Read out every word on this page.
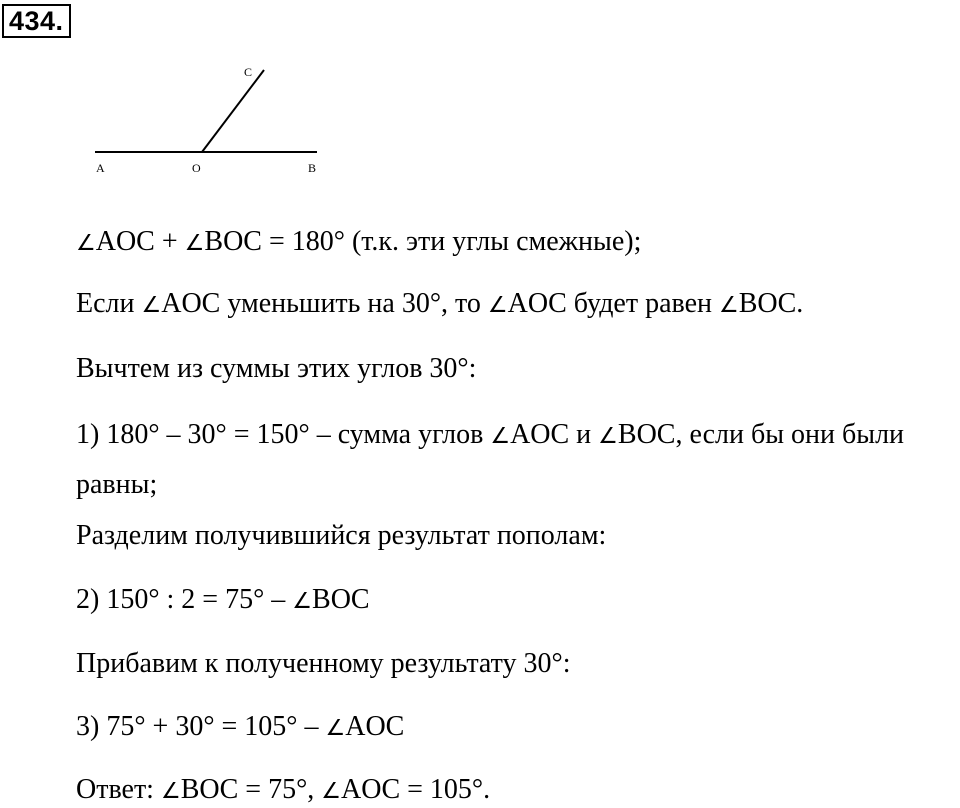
434.
A	O	B
C
∠AOC + ∠BOC = 180° (т.к. эти углы смежные);
Если ∠AOC уменьшить на 30°, то ∠AOC будет равен ∠BOC.
Вычтем из суммы этих углов 30°:
1) 180° – 30° = 150° – сумма углов ∠AOC и ∠BOC, если бы они были
равны;
Разделим получившийся результат пополам:
2) 150° : 2 = 75° – ∠BOC
Прибавим к полученному результату 30°:
3) 75° + 30° = 105° – ∠AOC
Ответ: ∠BOC = 75°, ∠AOC = 105°.
